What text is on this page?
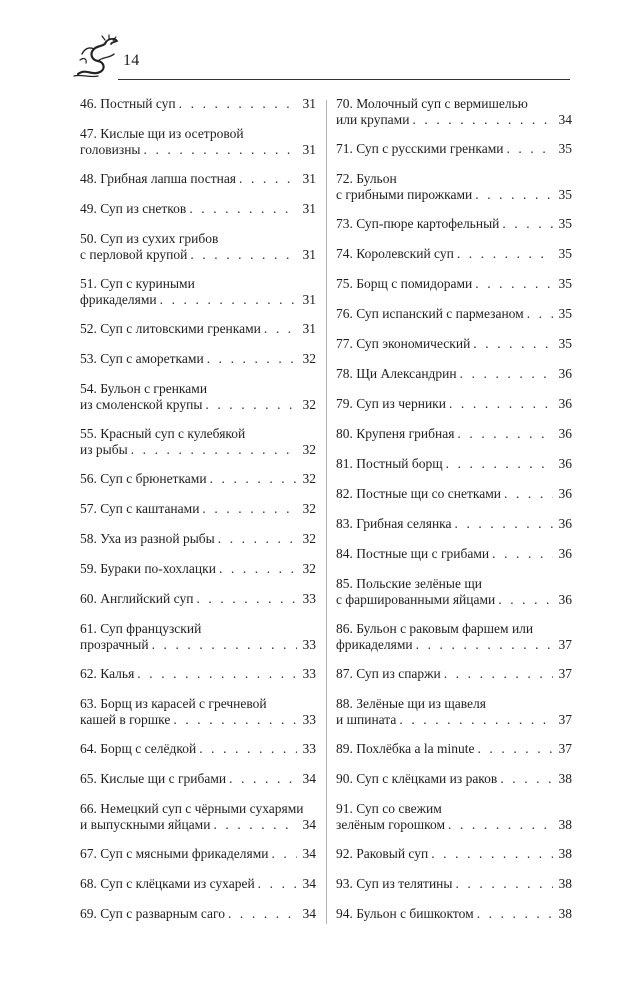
14
46. Постный суп . . .	31
47. Кислые щи из осетровой
головизны . . .	31
48. Грибная лапша постная . . .	31
49. Суп из снетков . . .	31
50. Суп из сухих грибов
с перловой крупой . . .	31
51. Суп с куриными
фрикаделями . . .	31
52. Суп с литовскими гренками . . .	31
53. Суп с аморетками . . .	32
54. Бульон с гренками
из смоленской крупы . . .	32
55. Красный суп с кулебякой
из рыбы . . .	32
56. Суп с брюнетками . . .	32
57. Суп с каштанами . . .	32
58. Уха из разной рыбы . . .	32
59. Бураки по-хохлацки . . .	32
60. Английский суп . . .	33
61. Суп французский
прозрачный . . .	33
62. Калья . . .	33
63. Борщ из карасей с гречневой
кашей в горшке . . .	33
64. Борщ с селёдкой . . .	33
65. Кислые щи с грибами . . .	34
66. Немецкий суп с чёрными сухарями
и выпускными яйцами . . .	34
67. Суп с мясными фрикаделями . . .	34
68. Суп с клёцками из сухарей . . .	34
69. Суп с разварным саго . . .	34
70. Молочный суп с вермишелью
или крупами . . .	34
71. Суп с русскими гренками . . .	35
72. Бульон
с грибными пирожками . . .	35
73. Суп-пюре картофельный . . .	35
74. Королевский суп . . .	35
75. Борщ с помидорами . . .	35
76. Суп испанский с пармезаном . . .	35
77. Суп экономический . . .	35
78. Щи Александрин . . .	36
79. Суп из черники . . .	36
80. Крупеня грибная . . .	36
81. Постный борщ . . .	36
82. Постные щи со снетками . . .	36
83. Грибная селянка . . .	36
84. Постные щи с грибами . . .	36
85. Польские зелёные щи
с фаршированными яйцами . . .	36
86. Бульон с раковым фаршем или
фрикаделями . . .	37
87. Суп из спаржи . . .	37
88. Зелёные щи из щавеля
и шпината . . .	37
89. Похлёбка a la minute . . .	37
90. Суп с клёцками из раков . . .	38
91. Суп со свежим
зелёным горошком . . .	38
92. Раковый суп . . .	38
93. Суп из телятины . . .	38
94. Бульон с бишкоктом . . .	38
